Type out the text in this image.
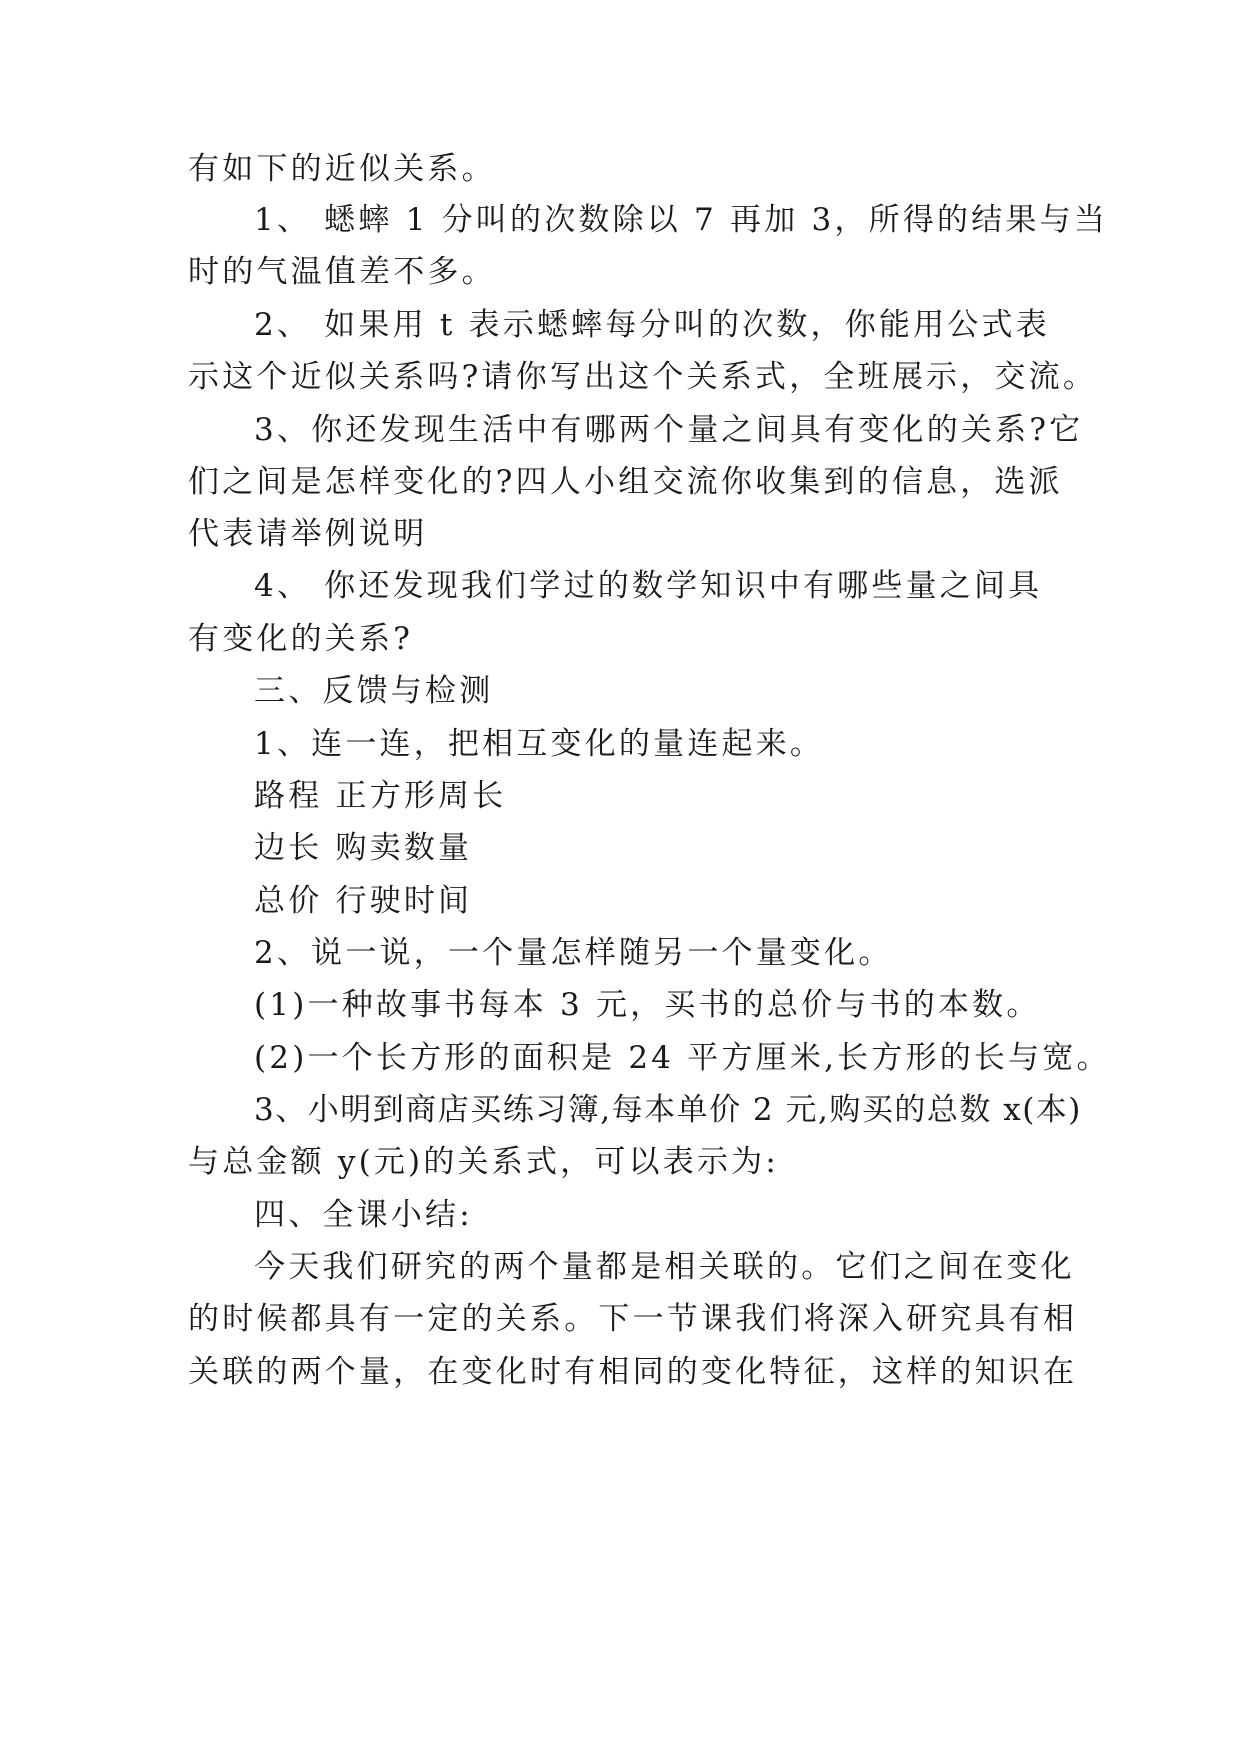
有如下的近似关系。
1、 蟋蟀 1 分叫的次数除以 7 再加 3，所得的结果与当
时的气温值差不多。
2、 如果用 t 表示蟋蟀每分叫的次数，你能用公式表
示这个近似关系吗?请你写出这个关系式，全班展示，交流。
3、你还发现生活中有哪两个量之间具有变化的关系?它
们之间是怎样变化的?四人小组交流你收集到的信息，选派
代表请举例说明
4、 你还发现我们学过的数学知识中有哪些量之间具
有变化的关系?
三、反馈与检测
1、连一连，把相互变化的量连起来。
路程 正方形周长
边长 购卖数量
总价 行驶时间
2、说一说，一个量怎样随另一个量变化。
(1)一种故事书每本 3 元，买书的总价与书的本数。
(2)一个长方形的面积是 24 平方厘米,长方形的长与宽。
3、小明到商店买练习簿,每本单价 2 元,购买的总数 x(本)
与总金额 y(元)的关系式，可以表示为:
四、全课小结:
今天我们研究的两个量都是相关联的。它们之间在变化
的时候都具有一定的关系。下一节课我们将深入研究具有相
关联的两个量，在变化时有相同的变化特征，这样的知识在
